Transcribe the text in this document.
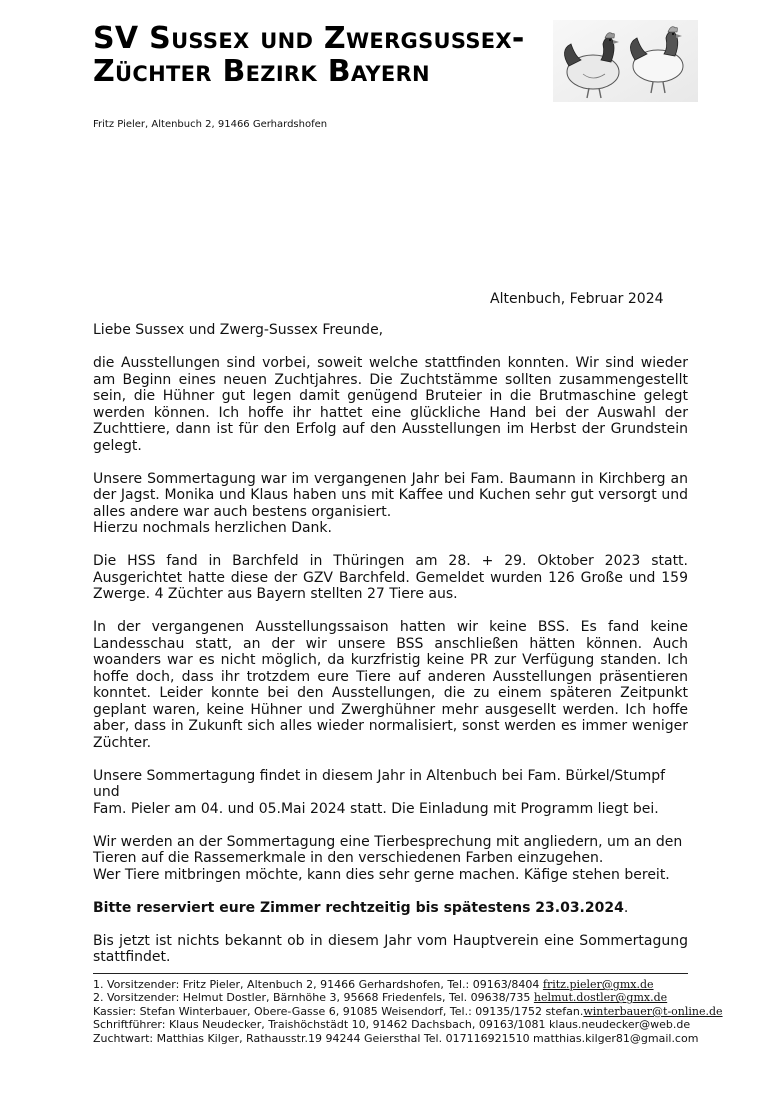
SV Sussex und Zwergsussex-
Züchter Bezirk Bayern
Fritz Pieler, Altenbuch 2, 91466 Gerhardshofen
Altenbuch, Februar 2024

Liebe Sussex und Zwerg-Sussex Freunde,

die Ausstellungen sind vorbei, soweit welche stattfinden konnten. Wir sind wieder am Beginn eines neuen Zuchtjahres. Die Zuchtstämme sollten zusammengestellt sein, die Hühner gut legen damit genügend Bruteier in die Brutmaschine gelegt werden können. Ich hoffe ihr hattet eine glückliche Hand bei der Auswahl der Zuchttiere, dann ist für den Erfolg auf den Ausstellungen im Herbst der Grundstein gelegt.

Unsere Sommertagung war im vergangenen Jahr bei Fam. Baumann in Kirchberg an der Jagst. Monika und Klaus haben uns mit Kaffee und Kuchen sehr gut versorgt und alles andere war auch bestens organisiert.
Hierzu nochmals herzlichen Dank.

Die HSS fand in Barchfeld in Thüringen am 28. + 29. Oktober 2023 statt. Ausgerichtet hatte diese der GZV Barchfeld. Gemeldet wurden 126 Große und 159 Zwerge. 4 Züchter aus Bayern stellten 27 Tiere aus.

In der vergangenen Ausstellungssaison hatten wir keine BSS. Es fand keine Landesschau statt, an der wir unsere BSS anschließen hätten können. Auch woanders war es nicht möglich, da kurzfristig keine PR zur Verfügung standen. Ich hoffe doch, dass ihr trotzdem eure Tiere auf anderen Ausstellungen präsentieren konntet. Leider konnte bei den Ausstellungen, die zu einem späteren Zeitpunkt geplant waren, keine Hühner und Zwerghühner mehr ausgesellt werden. Ich hoffe aber, dass in Zukunft sich alles wieder normalisiert, sonst werden es immer weniger Züchter.

Unsere Sommertagung findet in diesem Jahr in Altenbuch bei Fam. Bürkel/Stumpf und
Fam. Pieler am 04. und 05.Mai 2024 statt. Die Einladung mit Programm liegt bei.

Wir werden an der Sommertagung eine Tierbesprechung mit angliedern, um an den Tieren auf die Rassemerkmale in den verschiedenen Farben einzugehen.
Wer Tiere mitbringen möchte, kann dies sehr gerne machen. Käfige stehen bereit.

Bitte reserviert eure Zimmer rechtzeitig bis spätestens 23.03.2024.

Bis jetzt ist nichts bekannt ob in diesem Jahr vom Hauptverein eine Sommertagung stattfindet.

1. Vorsitzender: Fritz Pieler, Altenbuch 2, 91466 Gerhardshofen, Tel.: 09163/8404 fritz.pieler@gmx.de
2. Vorsitzender: Helmut Dostler, Bärnhöhe 3, 95668 Friedenfels, Tel. 09638/735 helmut.dostler@gmx.de
Kassier: Stefan Winterbauer, Obere-Gasse 6, 91085 Weisendorf, Tel.: 09135/1752 stefan.winterbauer@t-online.de
Schriftführer: Klaus Neudecker, Traishöchstädt 10, 91462 Dachsbach, 09163/1081 klaus.neudecker@web.de
Zuchtwart: Matthias Kilger, Rathausstr.19 94244 Geiersthal Tel. 017116921510 matthias.kilger81@gmail.com
